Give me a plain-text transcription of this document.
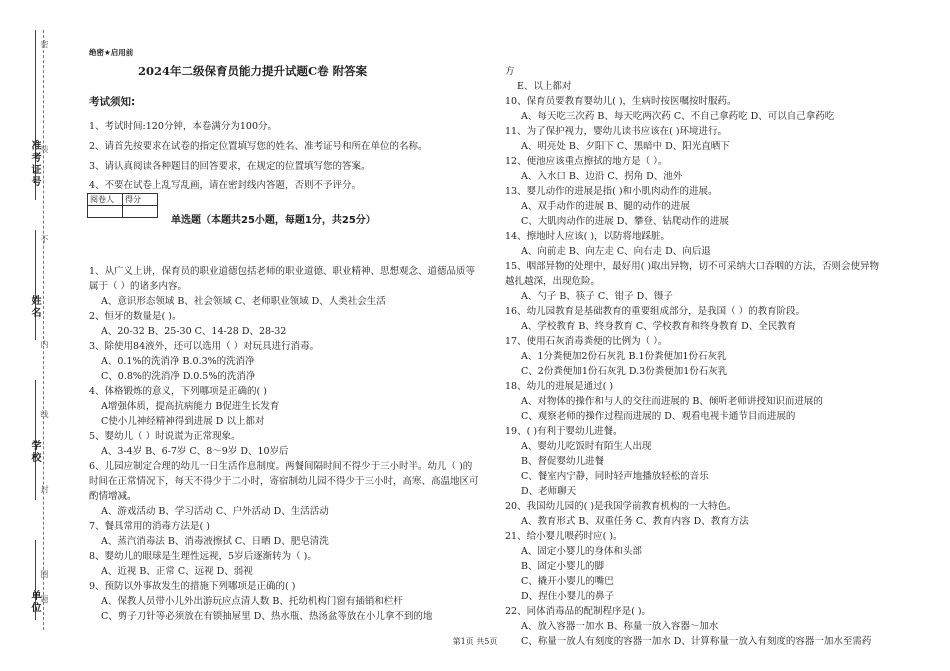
准考证号
姓名
学校
单位
密
装
不
内
线
封
圈
题
绝密★启用前
2024年二级保育员能力提升试题C卷 附答案
考试须知:
1、考试时间:120分钟，本卷满分为100分。
2、请首先按要求在试卷的指定位置填写您的姓名、准考证号和所在单位的名称。
3、请认真阅读各种题目的回答要求，在规定的位置填写您的答案。
4、不要在试卷上乱写乱画，请在密封线内答题，否则不予评分。
阅卷人	得分

单选题（本题共25小题，每题1分，共25分）
1、从广义上讲，保育员的职业道德包括老师的职业道德、职业精神、思想观念、道德品质等
属于（ ）的诸多内容。
A、意识形态领域 B、社会领域 C、老师职业领域 D、人类社会生活
2、恒牙的数量是( )。
A、20-32 B、25-30 C、14-28 D、28-32
3、除使用84液外，还可以选用（ ）对玩具进行消毒。
A、0.1%的洗消净 B.0.3%的洗消净
C、0.8%的洗消净 D.0.5%的洗消净
4、体格锻炼的意义，下列哪项是正确的( )
A增强体质，提高抗病能力 B促进生长发育
C使小儿神经精神得到进展 D 以上都对
5、婴幼儿（ ）时说谎为正常现象。
A、3-4岁 B、6-7岁 C、8～9岁 D、10岁后
6、儿园应制定合理的幼儿一日生活作息制度。两餐间隔时间不得少于三小时半。幼儿（ )的
时间在正常情况下，每天不得少于二小时，寄宿制幼儿园不得少于三小时，高寒、高温地区可
酌情增减。
A、游戏活动 B、学习活动 C、户外活动 D、生活活动
7、餐具常用的消毒方法是( )
A、蒸汽消毒法 B、消毒液擦拭 C、日晒 D、肥皂清洗
8、婴幼儿的眼球是生理性远视，5岁后逐渐转为（ )。
A、近视 B、正常 C、远视 D、弱视
9、预防以外事故发生的措施下列哪项是正确的( )
A、保教人员带小儿外出游玩应点清人数 B、托幼机构门窗有插销和栏杆
C、剪子刀针等必须放在有锁抽屉里 D、热水瓶、热汤盆等放在小儿拿不到的地
方
E、以上都对
10、保育员要教育婴幼儿( )，生病时按医嘱按时服药。
A、每天吃三次药 B、每天吃两次药 C、不自己拿药吃 D、可以自己拿药吃
11、为了保护视力，婴幼儿读书应该在( )环境进行。
A、明亮处 B、夕阳下 C、黑暗中 D、阳光直晒下
12、便池应该重点擦拭的地方是（ ）。
A、入水口 B、边沿 C、拐角 D、池外
13、婴儿动作的进展是指( )和小肌肉动作的进展。
A、双手动作的进展 B、腿的动作的进展
C、大肌肉动作的进展 D、攀登、钻爬动作的进展
14、擦地时人应该( )，以防将地踩脏。
A、向前走 B、向左走 C、向右走 D、向后退
15、咽部异物的处理中，最好用( )取出异物，切不可采纳大口吞咽的方法，否则会使异物
越扎越深，出现危险。
A、勺子 B、筷子 C、钳子 D、镊子
16、幼儿园教育是基础教育的重要组成部分，是我国（ ）的教育阶段。
A、学校教育 B、终身教育 C、学校教育和终身教育 D、全民教育
17、使用石灰消毒粪便的比例为（ ）。
A、1分粪便加2份石灰乳 B.1份粪便加1份石灰乳
C、2份粪便加1份石灰乳 D.3份粪便加1份石灰乳
18、幼儿的进展是通过( )
A、对物体的操作和与人的交往而进展的 B、倾听老师讲授知识而进展的
C、观察老师的操作过程而进展的 D、观看电视卡通节目而进展的
19、( )有利于婴幼儿进餐。
A、婴幼儿吃饭时有陌生人出现
B、督促婴幼儿进餐
C、餐室内宁静，同时轻声地播放轻松的音乐
D、老师聊天
20、我国幼儿园的( )是我国学前教育机构的一大特色。
A、教育形式 B、双重任务 C、教育内容 D、教育方法
21、给小婴儿喂药时应( )。
A、固定小婴儿的身体和头部
B、固定小婴儿的脚
C、撬开小婴儿的嘴巴
D、捏住小婴儿的鼻子
22、同体消毒品的配制程序是( )。
A、放入容器一加水 B、称量一放入容器～加水
C、称量一放人有刻度的容器一加水 D、计算称量一放入有刻度的容器一加水至需药
第1页 共5页
